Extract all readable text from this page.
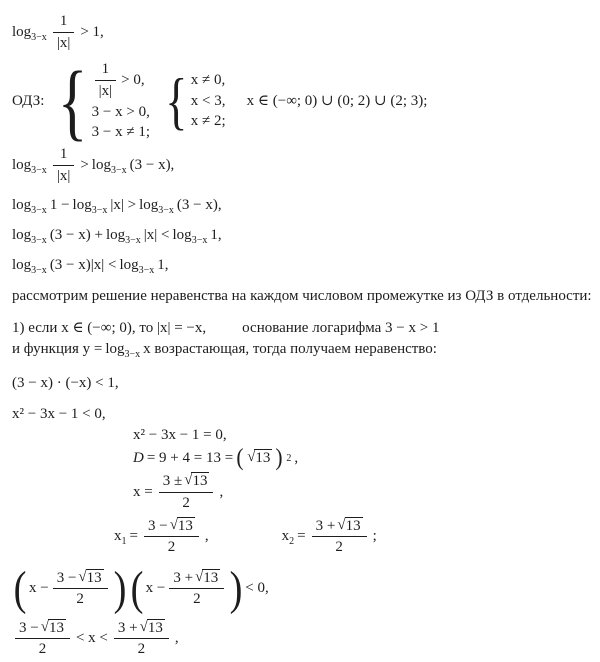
$\log_{3-x} \frac{1}{|x|} > 1$,
ОДЗ: { $\frac{1}{|x|} > 0$,
3 − x > 0,
3 − x ≠ 1; { x ≠ 0,
x < 3,
x ≠ 2;
x ∈ (−∞; 0) ∪ (0; 2) ∪ (2; 3);
$\log_{3-x} \frac{1}{|x|} > \log_{3-x} (3 - x)$,
$\log_{3-x} 1 - \log_{3-x} |x| > \log_{3-x} (3 - x)$,
$\log_{3-x} (3 - x) + \log_{3-x} |x| < \log_{3-x} 1$,
$\log_{3-x} (3 - x)|x| < \log_{3-x} 1$,
рассмотрим решение неравенства на каждом числовом промежутке из ОДЗ в отдельности:
1) если x ∈ (−∞; 0), то |x| = −x, основание логарифма 3 − x > 1
и функция $y = \log_{3-x} x$ возрастающая, тогда получаем неравенство:
(3 − x) · (−x) < 1,
x² − 3x − 1 < 0,
x² − 3x − 1 = 0,
D = 9 + 4 = 13 = ( √ 13 ) 2 ,
$x = \frac{3 \pm √ 13}{2}$ ,
$x_1 = \frac{3 - √ 13}{2}$ ,	$x_2 = \frac{3 + √ 13}{2}$ ;
( $x - \frac{3 - √ 13}{2}$ ) ( $x - \frac{3 + √ 13}{2}$ ) < 0,
$\frac{3 - √ 13}{2} < x < \frac{3 + √ 13}{2}$ ,
